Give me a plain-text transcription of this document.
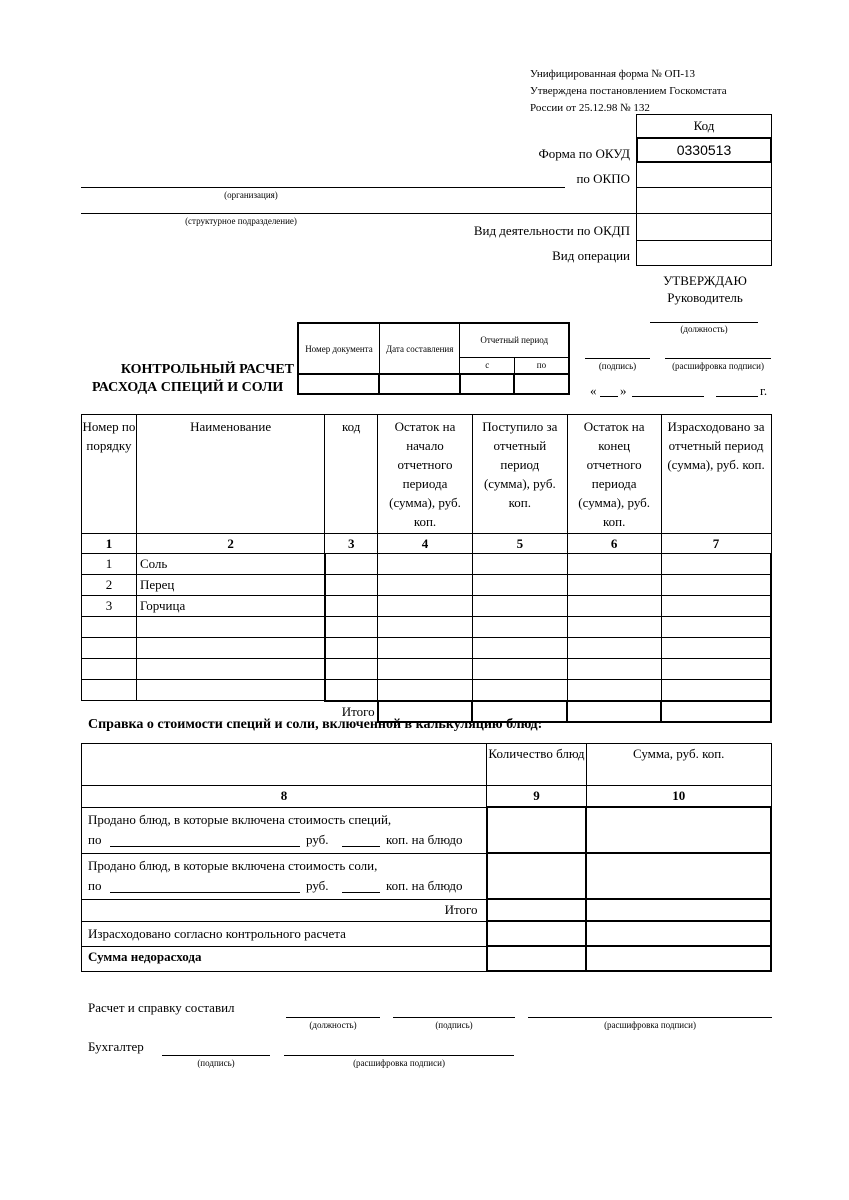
Унифицированная форма № ОП-13
Утверждена постановлением Госкомстата
России от 25.12.98 № 132
Код
0330513
Форма по ОКУД
по ОКПО
Вид деятельности по ОКДП
Вид операции
(организация)
(структурное подразделение)
УТВЕРЖДАЮ
Руководитель
(должность)
(подпись)	(расшифровка подписи)
« »	г.
Номер документа	Дата составления	Отчетный период	
		с	по

КОНТРОЛЬНЫЙ РАСЧЕТ
РАСХОДА СПЕЦИЙ И СОЛИ
Номер по порядку	Наименование	код	Остаток на начало отчетного периода (сумма), руб. коп.	Поступило за отчетный период (сумма), руб. коп.	Остаток на конец отчетного периода (сумма), руб. коп.	Израсходовано за отчетный период (сумма), руб. коп.
1	2	3	4	5	6	7
1	Соль					
2	Перец					
3	Горчица					

Итого						
Справка о стоимости специй и соли, включенной в калькуляцию блюд:
	Количество блюд	Сумма, руб. коп.
8	9	10

Продано блюд, в которые включена стоимость специй,
по руб. коп. на блюдо		

Продано блюд, в которые включена стоимость соли,
по руб. коп. на блюдо		

Итого		
Израсходовано согласно контрольного расчета		
Сумма недорасхода		
Расчет и справку составил
(должность)	(подпись)	(расшифровка подписи)
Бухгалтер
(подпись)	(расшифровка подписи)
